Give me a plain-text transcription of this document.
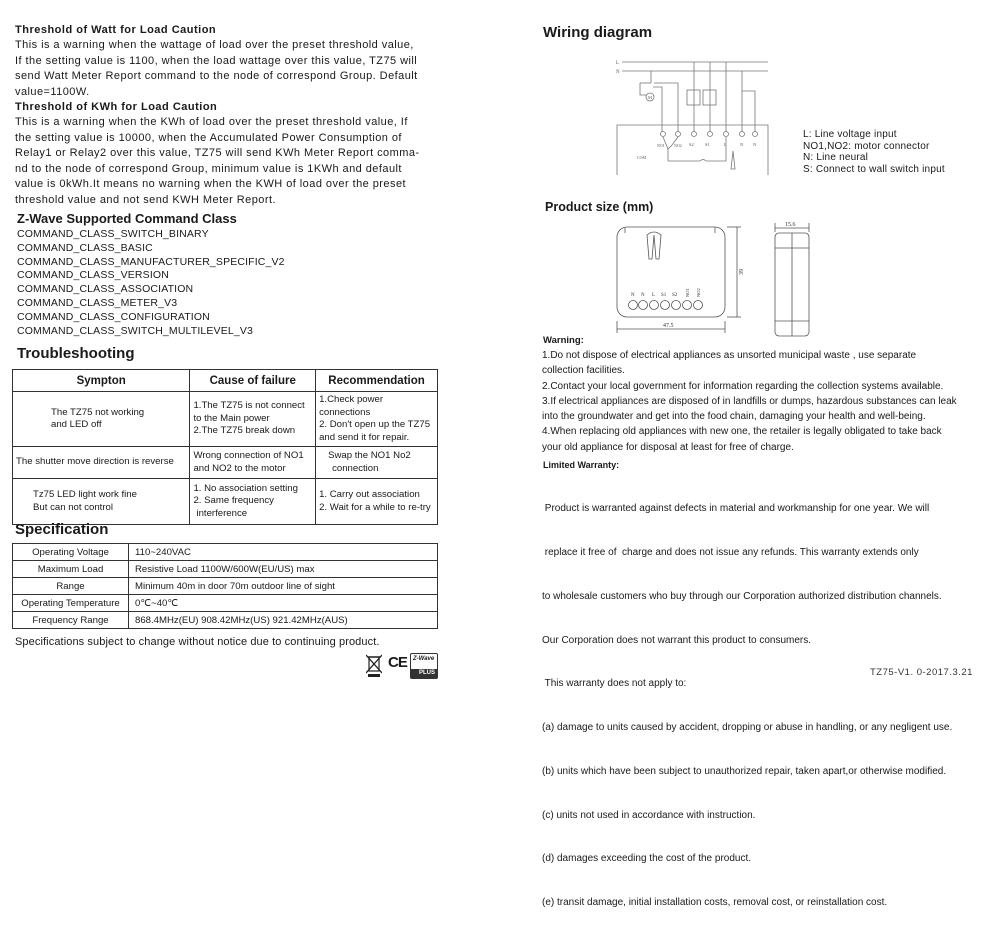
Threshold of Watt for Load Caution
This is a warning when the wattage of load over the preset threshold value,
If the setting value is 1100, when the load wattage over this value, TZ75 will
send Watt Meter Report command to the node of correspond Group. Default
value=1100W.
Threshold of KWh for Load Caution
This is a warning when the KWh of load over the preset threshold value, If
the setting value is 10000, when the Accumulated Power Consumption of
Relay1 or Relay2 over this value, TZ75 will send KWh Meter Report comma-
nd to the node of correspond Group, minimum value is 1KWh and default
value is 0kWh.It means no warning when the KWH of load over the preset
threshold value and not send KWH Meter Report.
Z-Wave Supported Command Class
COMMAND_CLASS_SWITCH_BINARY
COMMAND_CLASS_BASIC
COMMAND_CLASS_MANUFACTURER_SPECIFIC_V2
COMMAND_CLASS_VERSION
COMMAND_CLASS_ASSOCIATION
COMMAND_CLASS_METER_V3
COMMAND_CLASS_CONFIGURATION
COMMAND_CLASS_SWITCH_MULTILEVEL_V3
Troubleshooting
Sympton	Cause of failure	Recommendation

The TZ75 not working
and LED off	1.The TZ75 is not connect
to the Main power
2.The TZ75 break down	1.Check power connections
2. Don't open up the TZ75
and send it for repair.

The shutter move direction is reverse	Wrong connection of NO1
and NO2 to the motor	Swap the NO1 No2
connection

Tz75 LED light work fine
But can not control	1. No association setting
2. Same frequency
interference	1. Carry out association
2. Wait for a while to re-try
Specification
Operating Voltage	110~240VAC
Maximum Load	Resistive Load 1100W/600W(EU/US) max
Range	Minimum 40m in door 70m outdoor line of sight
Operating Temperature	0℃~40℃
Frequency Range	868.4MHz(EU) 908.42MHz(US) 921.42MHz(AUS)
Specifications subject to change without notice due to continuing product.
CE	Z-Wave
PLUS
Wiring diagram
L
N
M
S2 S1	L	N N
NO1 NO2
COM
L: Line voltage input
NO1,NO2: motor connector
N: Line neural
S: Connect to wall switch input
Product size (mm)
N N L S1 S2 NO1 NO2
47.5
39
15.6
Warning:
1.Do not dispose of electrical appliances as unsorted municipal waste , use separate
collection facilities.
2.Contact your local government for information regarding the collection systems available.
3.If electrical appliances are disposed of in landfills or dumps, hazardous substances can leak
into the groundwater and get into the food chain, damaging your health and well-being.
4.When replacing old appliances with new one, the retailer is legally obligated to take back
your old appliance for disposal at least for free of charge.
Limited Warranty:

Product is warranted against defects in material and workmanship for one year. We will

replace it free of  charge and does not issue any refunds. This warranty extends only

to wholesale customers who buy through our Corporation authorized distribution channels.

Our Corporation does not warrant this product to consumers.

This warranty does not apply to:

(a) damage to units caused by accident, dropping or abuse in handling, or any negligent use.

(b) units which have been subject to unauthorized repair, taken apart,or otherwise modified.

(c) units not used in accordance with instruction.

(d) damages exceeding the cost of the product.

(e) transit damage, initial installation costs, removal cost, or reinstallation cost.

TZ75-V1. 0-2017.3.21
